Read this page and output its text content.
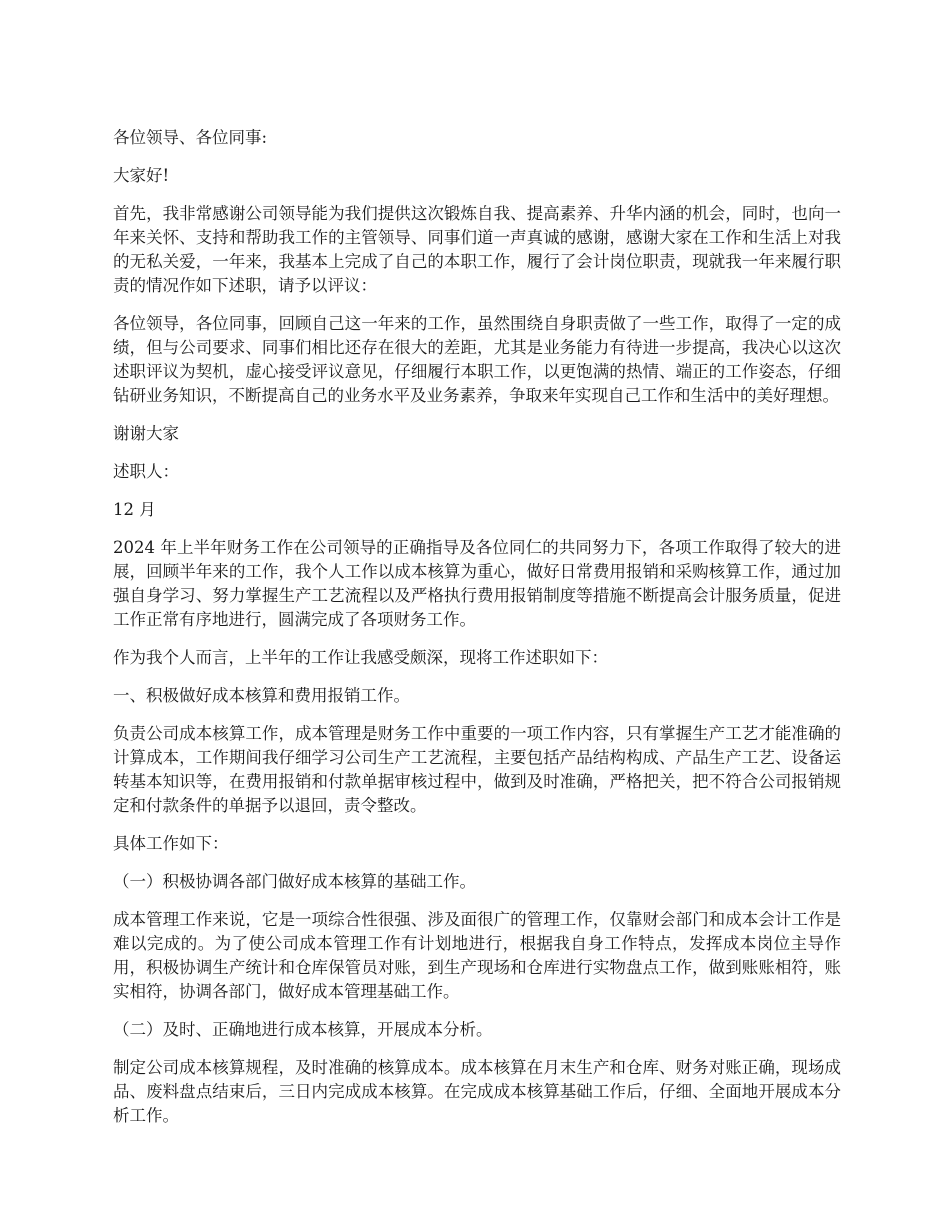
各位领导、各位同事:

大家好!

首先，我非常感谢公司领导能为我们提供这次锻炼自我、提高素养、升华内涵的机会，同时，也向一年来关怀、支持和帮助我工作的主管领导、同事们道一声真诚的感谢，感谢大家在工作和生活上对我的无私关爱，一年来，我基本上完成了自己的本职工作，履行了会计岗位职责，现就我一年来履行职责的情况作如下述职，请予以评议：

各位领导，各位同事，回顾自己这一年来的工作，虽然围绕自身职责做了一些工作，取得了一定的成绩，但与公司要求、同事们相比还存在很大的差距，尤其是业务能力有待进一步提高，我决心以这次述职评议为契机，虚心接受评议意见，仔细履行本职工作，以更饱满的热情、端正的工作姿态，仔细钻研业务知识，不断提高自己的业务水平及业务素养，争取来年实现自己工作和生活中的美好理想。

谢谢大家

述职人：

12 月

2024 年上半年财务工作在公司领导的正确指导及各位同仁的共同努力下，各项工作取得了较大的进展，回顾半年来的工作，我个人工作以成本核算为重心，做好日常费用报销和采购核算工作，通过加强自身学习、努力掌握生产工艺流程以及严格执行费用报销制度等措施不断提高会计服务质量，促进工作正常有序地进行，圆满完成了各项财务工作。

作为我个人而言，上半年的工作让我感受颇深，现将工作述职如下：

一、积极做好成本核算和费用报销工作。

负责公司成本核算工作，成本管理是财务工作中重要的一项工作内容，只有掌握生产工艺才能准确的计算成本，工作期间我仔细学习公司生产工艺流程，主要包括产品结构构成、产品生产工艺、设备运转基本知识等，在费用报销和付款单据审核过程中，做到及时准确，严格把关，把不符合公司报销规定和付款条件的单据予以退回，责令整改。

具体工作如下：

（一）积极协调各部门做好成本核算的基础工作。

成本管理工作来说，它是一项综合性很强、涉及面很广的管理工作，仅靠财会部门和成本会计工作是难以完成的。为了使公司成本管理工作有计划地进行，根据我自身工作特点，发挥成本岗位主导作用，积极协调生产统计和仓库保管员对账，到生产现场和仓库进行实物盘点工作，做到账账相符，账实相符，协调各部门，做好成本管理基础工作。

（二）及时、正确地进行成本核算，开展成本分析。

制定公司成本核算规程，及时准确的核算成本。成本核算在月末生产和仓库、财务对账正确，现场成品、废料盘点结束后，三日内完成成本核算。在完成成本核算基础工作后，仔细、全面地开展成本分析工作。
